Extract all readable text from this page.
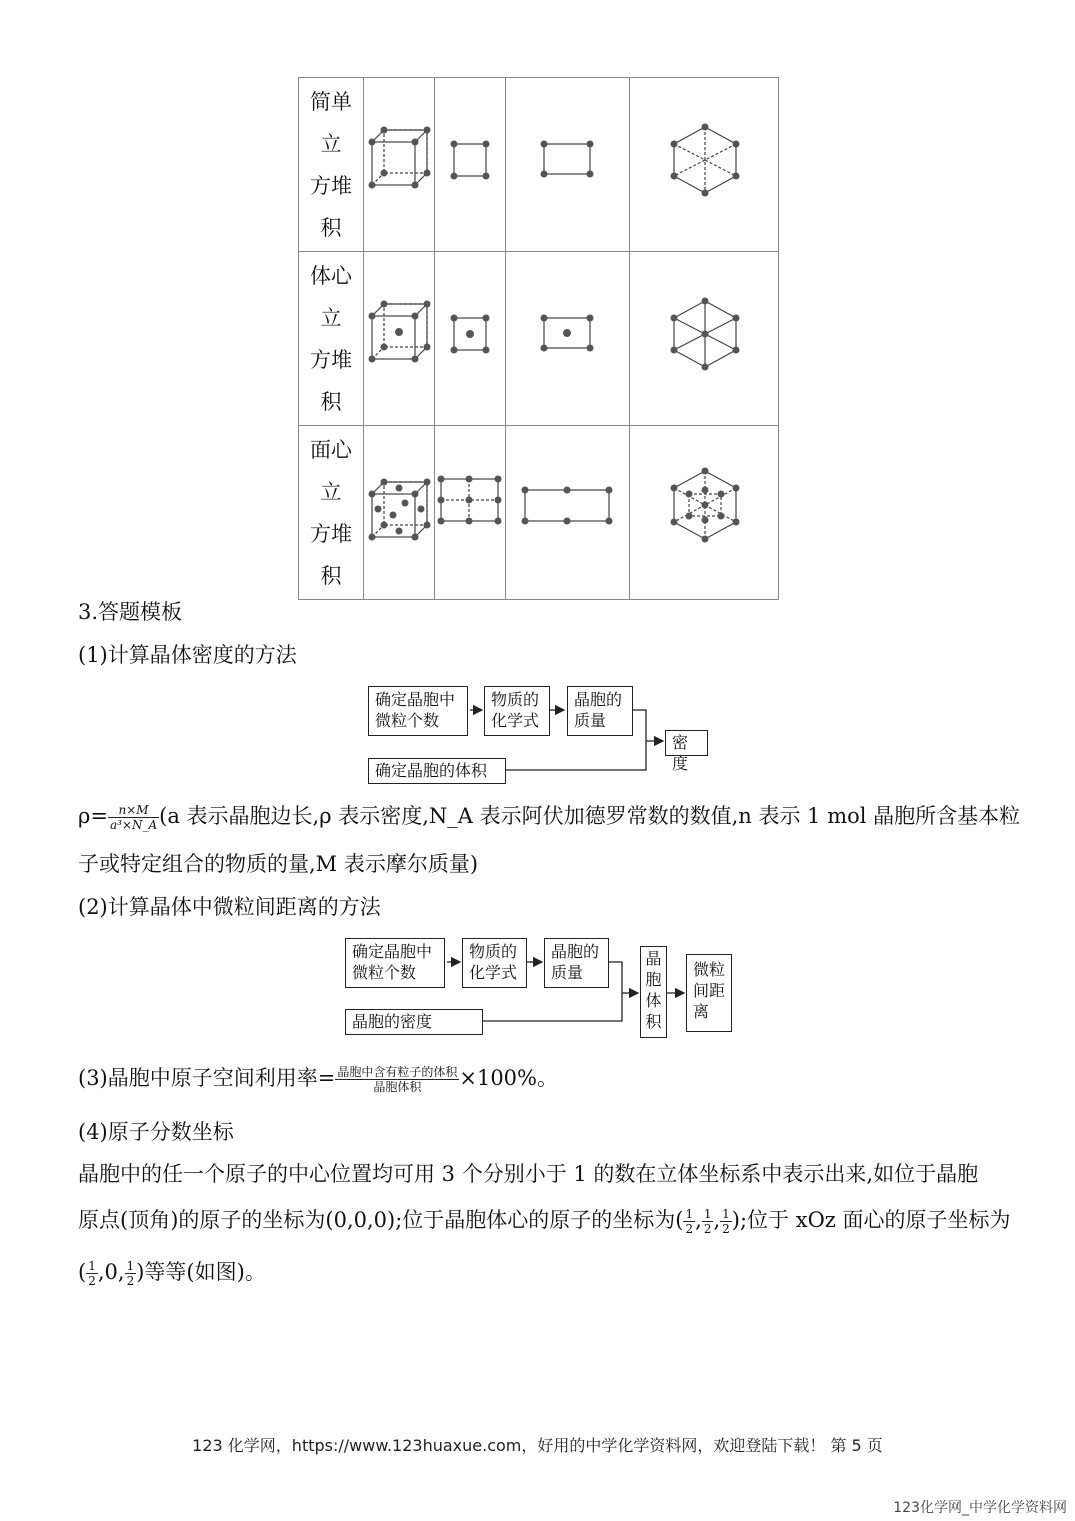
简单
立
方堆
积

体心
立
方堆
积

面心
立
方堆
积

3.答题模板
(1)计算晶体密度的方法
确定晶胞中
微粒个数
物质的
化学式
晶胞的
质量
确定晶胞的体积
密度
$\rho= \frac{n\times M}{\text{a³×N\_A}} (a$ 表示晶胞边长,ρ 表示密度,N_A 表示阿伏加德罗常数的数值,n 表示 1 mol 晶胞所含基本粒
子或特定组合的物质的量,M 表示摩尔质量)
(2)计算晶体中微粒间距离的方法
确定晶胞中
微粒个数
物质的
化学式
晶胞的
质量
晶胞的密度
晶
胞
体
积
微粒
间距
离
(3)晶胞中原子空间利用率= $\frac{\text{晶胞中含有粒子的体积}}{\text{晶胞体积}} \times 100\%$。
(4)原子分数坐标
晶胞中的任一个原子的中心位置均可用 3 个分别小于 1 的数在立体坐标系中表示出来,如位于晶胞
原点(顶角)的原子的坐标为(0,0,0);位于晶胞体心的原子的坐标为( $\frac{1}{2}$ , $\frac{1}{2}$ , $\frac{1}{2}$ );位于 xOz 面心的原子坐标为
( $\frac{1}{2} ,0$, $\frac{1}{2}$ )等等(如图)。
123 化学网，https://www.123huaxue.com，好用的中学化学资料网，欢迎登陆下载！ 第 5 页
123化学网_中学化学资料网
